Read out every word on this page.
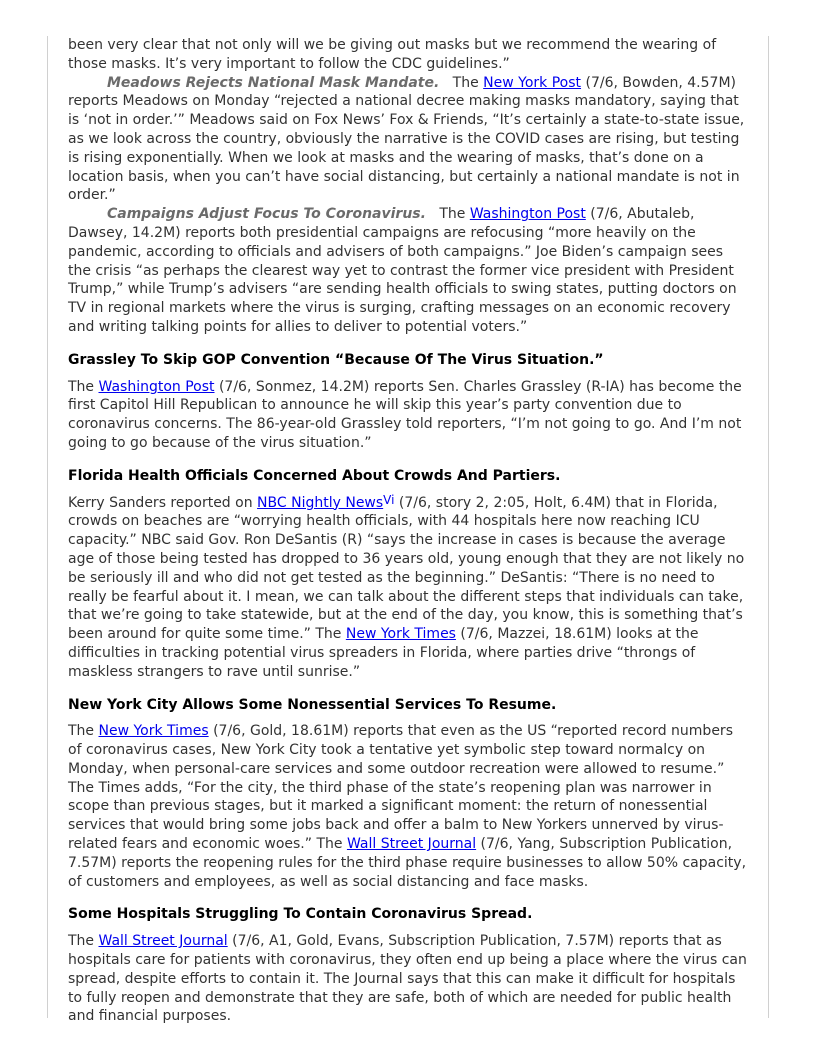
been very clear that not only will we be giving out masks but we recommend the wearing of those masks. It’s very important to follow the CDC guidelines.”

Meadows Rejects National Mask Mandate. The New York Post (7/6, Bowden, 4.57M) reports Meadows on Monday “rejected a national decree making masks mandatory, saying that is ‘not in order.’” Meadows said on Fox News’ Fox & Friends, “It’s certainly a state-to-state issue, as we look across the country, obviously the narrative is the COVID cases are rising, but testing is rising exponentially. When we look at masks and the wearing of masks, that’s done on a location basis, when you can’t have social distancing, but certainly a national mandate is not in order.”

Campaigns Adjust Focus To Coronavirus. The Washington Post (7/6, Abutaleb, Dawsey, 14.2M) reports both presidential campaigns are refocusing “more heavily on the pandemic, according to officials and advisers of both campaigns.” Joe Biden’s campaign sees the crisis “as perhaps the clearest way yet to contrast the former vice president with President Trump,” while Trump’s advisers “are sending health officials to swing states, putting doctors on TV in regional markets where the virus is surging, crafting messages on an economic recovery and writing talking points for allies to deliver to potential voters.”

Grassley To Skip GOP Convention “Because Of The Virus Situation.”

The Washington Post (7/6, Sonmez, 14.2M) reports Sen. Charles Grassley (R-IA) has become the first Capitol Hill Republican to announce he will skip this year’s party convention due to coronavirus concerns. The 86-year-old Grassley told reporters, “I’m not going to go. And I’m not going to go because of the virus situation.”

Florida Health Officials Concerned About Crowds And Partiers.

Kerry Sanders reported on NBC Nightly News$^{Vi}$ (7/6, story 2, 2:05, Holt, 6.4M) that in Florida, crowds on beaches are “worrying health officials, with 44 hospitals here now reaching ICU capacity.” NBC said Gov. Ron DeSantis (R) “says the increase in cases is because the average age of those being tested has dropped to 36 years old, young enough that they are not likely no be seriously ill and who did not get tested as the beginning.” DeSantis: “There is no need to really be fearful about it. I mean, we can talk about the different steps that individuals can take, that we’re going to take statewide, but at the end of the day, you know, this is something that’s been around for quite some time.” The New York Times (7/6, Mazzei, 18.61M) looks at the difficulties in tracking potential virus spreaders in Florida, where parties drive “throngs of maskless strangers to rave until sunrise.”

New York City Allows Some Nonessential Services To Resume.

The New York Times (7/6, Gold, 18.61M) reports that even as the US “reported record numbers of coronavirus cases, New York City took a tentative yet symbolic step toward normalcy on Monday, when personal-care services and some outdoor recreation were allowed to resume.” The Times adds, “For the city, the third phase of the state’s reopening plan was narrower in scope than previous stages, but it marked a significant moment: the return of nonessential services that would bring some jobs back and offer a balm to New Yorkers unnerved by virus-related fears and economic woes.” The Wall Street Journal (7/6, Yang, Subscription Publication, 7.57M) reports the reopening rules for the third phase require businesses to allow 50% capacity, of customers and employees, as well as social distancing and face masks.

Some Hospitals Struggling To Contain Coronavirus Spread.

The Wall Street Journal (7/6, A1, Gold, Evans, Subscription Publication, 7.57M) reports that as hospitals care for patients with coronavirus, they often end up being a place where the virus can spread, despite efforts to contain it. The Journal says that this can make it difficult for hospitals to fully reopen and demonstrate that they are safe, both of which are needed for public health and financial purposes.
